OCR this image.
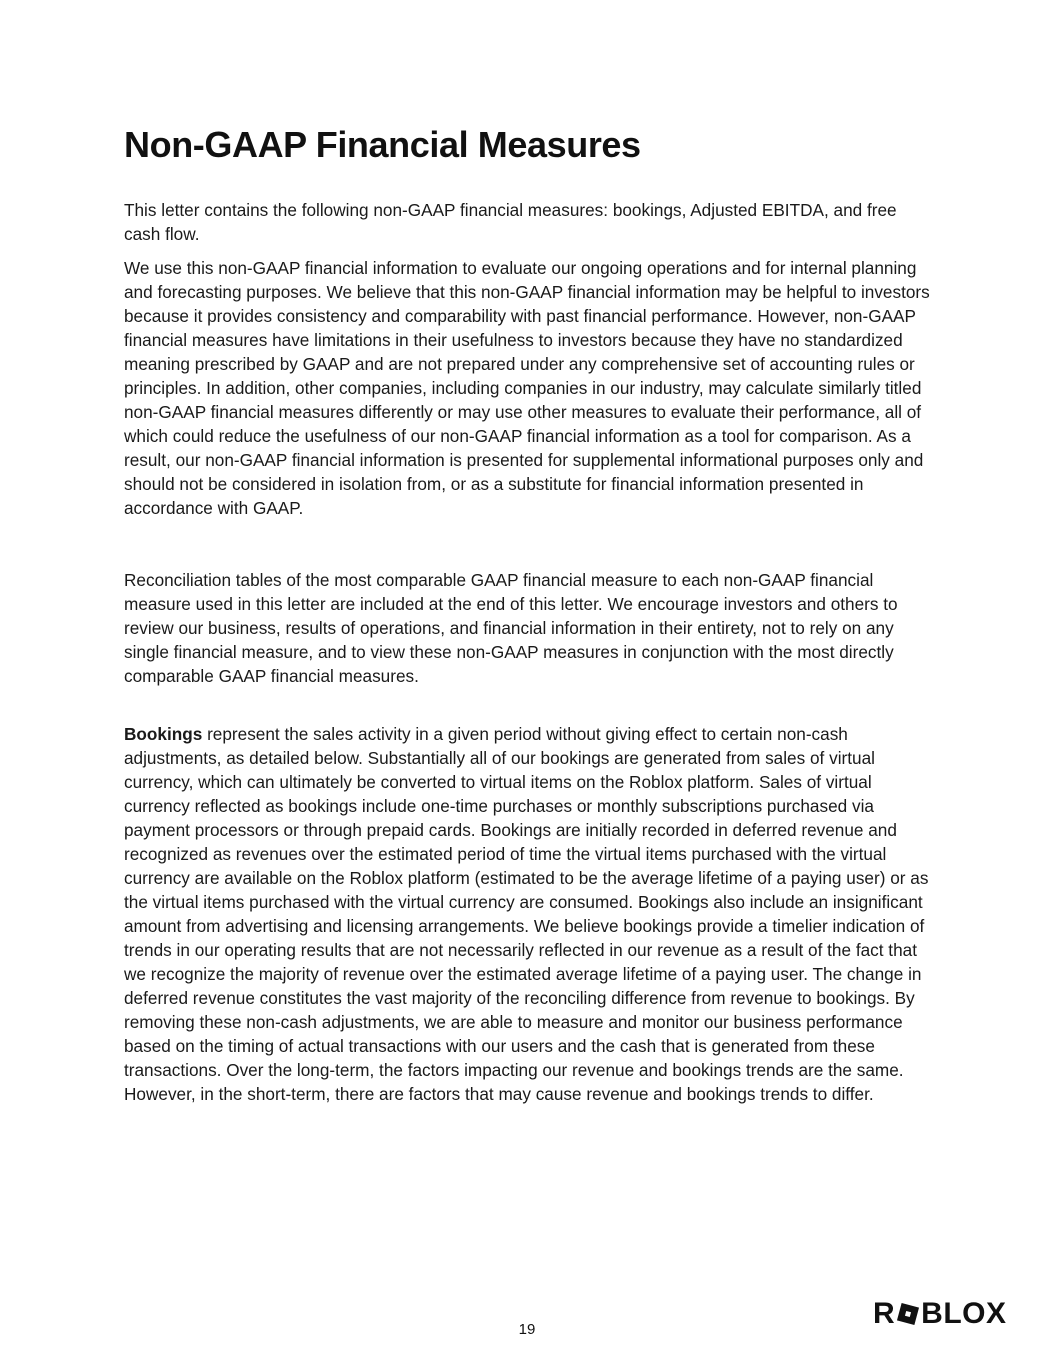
Non-GAAP Financial Measures

This letter contains the following non-GAAP financial measures: bookings, Adjusted EBITDA, and free cash flow.

We use this non-GAAP financial information to evaluate our ongoing operations and for internal planning and forecasting purposes. We believe that this non-GAAP financial information may be helpful to investors because it provides consistency and comparability with past financial performance. However, non-GAAP financial measures have limitations in their usefulness to investors because they have no standardized meaning prescribed by GAAP and are not prepared under any comprehensive set of accounting rules or principles. In addition, other companies, including companies in our industry, may calculate similarly titled non-GAAP financial measures differently or may use other measures to evaluate their performance, all of which could reduce the usefulness of our non-GAAP financial information as a tool for comparison. As a result, our non-GAAP financial information is presented for supplemental informational purposes only and should not be considered in isolation from, or as a substitute for financial information presented in accordance with GAAP.

Reconciliation tables of the most comparable GAAP financial measure to each non-GAAP financial measure used in this letter are included at the end of this letter. We encourage investors and others to review our business, results of operations, and financial information in their entirety, not to rely on any single financial measure, and to view these non-GAAP measures in conjunction with the most directly comparable GAAP financial measures.

Bookings represent the sales activity in a given period without giving effect to certain non-cash adjustments, as detailed below. Substantially all of our bookings are generated from sales of virtual currency, which can ultimately be converted to virtual items on the Roblox platform. Sales of virtual currency reflected as bookings include one-time purchases or monthly subscriptions purchased via payment processors or through prepaid cards. Bookings are initially recorded in deferred revenue and recognized as revenues over the estimated period of time the virtual items purchased with the virtual currency are available on the Roblox platform (estimated to be the average lifetime of a paying user) or as the virtual items purchased with the virtual currency are consumed. Bookings also include an insignificant amount from advertising and licensing arrangements. We believe bookings provide a timelier indication of trends in our operating results that are not necessarily reflected in our revenue as a result of the fact that we recognize the majority of revenue over the estimated average lifetime of a paying user. The change in deferred revenue constitutes the vast majority of the reconciling difference from revenue to bookings. By removing these non-cash adjustments, we are able to measure and monitor our business performance based on the timing of actual transactions with our users and the cash that is generated from these transactions. Over the long-term, the factors impacting our revenue and bookings trends are the same. However, in the short-term, there are factors that may cause revenue and bookings trends to differ.

19	R BLOX
